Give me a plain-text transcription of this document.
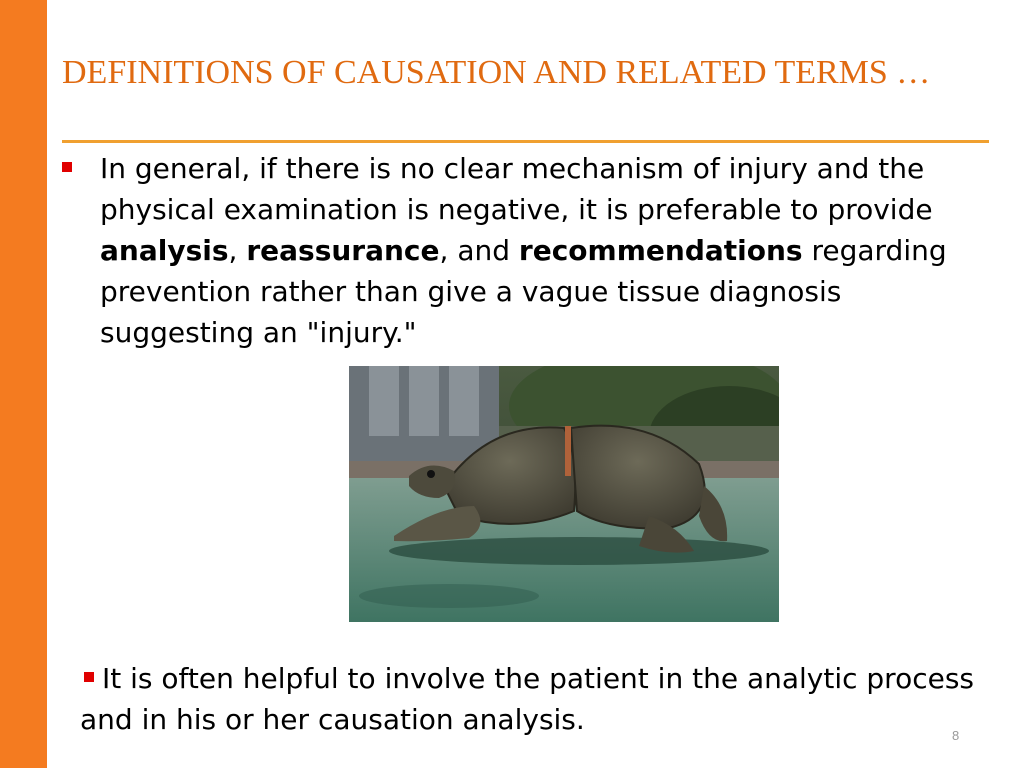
DEFINITIONS OF CAUSATION AND RELATED TERMS …
In general, if there is no clear mechanism of injury and the physical examination is negative, it is preferable to provide analysis, reassurance, and recommendations regarding prevention rather than give a vague tissue diagnosis suggesting an "injury."
It is often helpful to involve the patient in the analytic process and in his or her causation analysis.	8
